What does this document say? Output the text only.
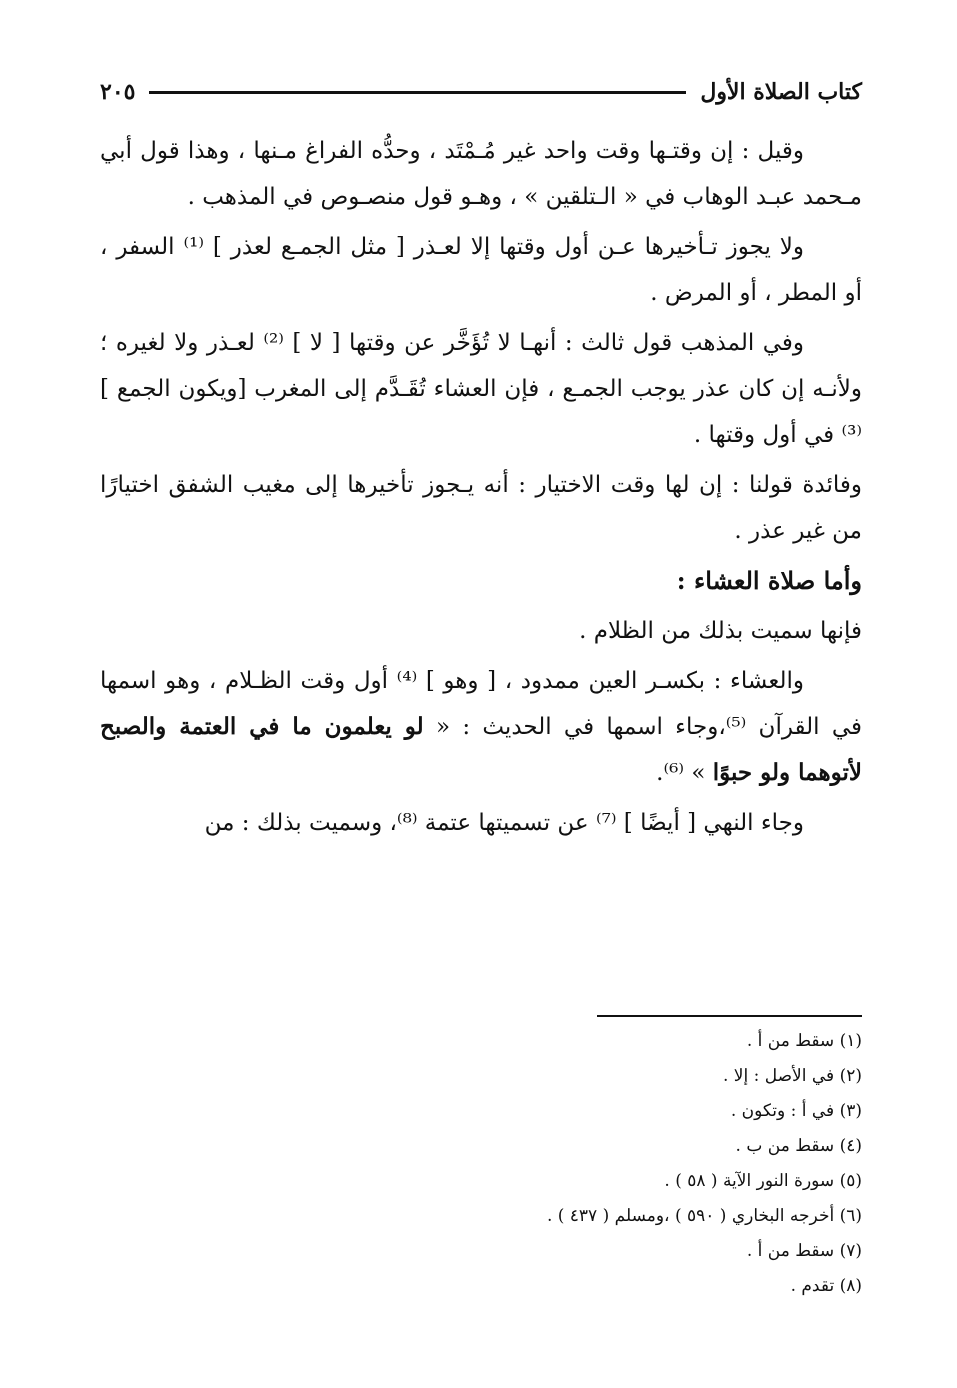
كتاب الصلاة الأول
٢٠٥

وقيل : إن وقتـها وقت واحد غير مُـمْتَد ، وحدُّه الفراغ مـنها ، وهذا قول أبي مـحمد عبـد الوهاب في « الـتلقين » ، وهـو قول منصـوص في المذهب .

ولا يجوز تـأخيرها عـن أول وقتها إلا لعـذر [ مثل الجمـع لعذر ] ⁽¹⁾ السفر ، أو المطر ، أو المرض .

وفي المذهب قول ثالث : أنهـا لا تُؤَخَّر عن وقتها [ لا ] ⁽²⁾ لعـذر ولا لغيره ؛ ولأنـه إن كان عذر يوجب الجمـع ، فإن العشاء تُقَـدَّم إلى المغرب [ويكون الجمع ] ⁽³⁾ في أول وقتها .

وفائدة قولنا : إن لها وقت الاختيار : أنه يـجوز تأخيرها إلى مغيب الشفق اختيارًا من غير عذر .

وأما صلاة العشاء :

فإنها سميت بذلك من الظلام .

والعشاء : بكسـر العين ممدود ، [ وهو ] ⁽⁴⁾ أول وقت الظـلام ، وهو اسمها في القرآن ⁽⁵⁾،وجاء اسمها في الحديث : « لو يعلمون ما في العتمة والصبح لأتوهما ولو حبوًا » ⁽⁶⁾.

وجاء النهي [ أيضًا ] ⁽⁷⁾ عن تسميتها عتمة ⁽⁸⁾، وسميت بذلك : من

(١) سقط من أ .
(٢) في الأصل : إلا .
(٣) في أ : وتكون .
(٤) سقط من ب .
(٥) سورة النور الآية ( ٥٨ ) .
(٦) أخرجه البخاري ( ٥٩٠ ) ،ومسلم ( ٤٣٧ ) .
(٧) سقط من أ .
(٨) تقدم .
